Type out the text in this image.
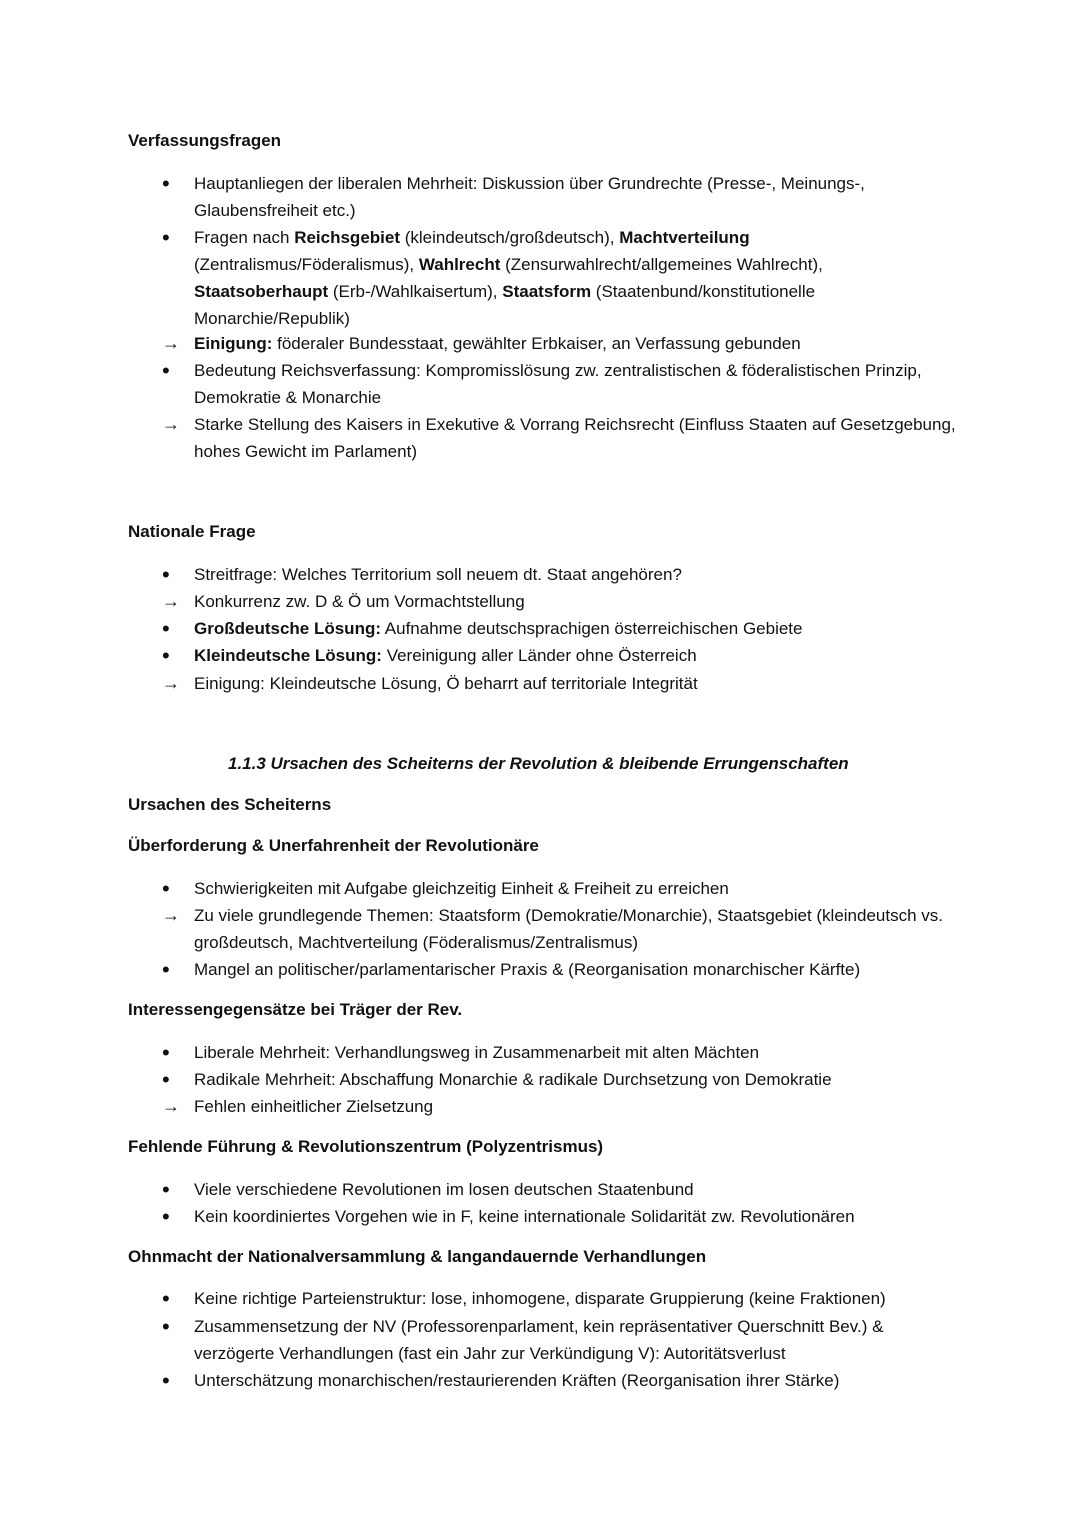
Verfassungsfragen
•	Hauptanliegen der liberalen Mehrheit: Diskussion über Grundrechte (Presse-, Meinungs-, Glaubensfreiheit etc.)
•	Fragen nach Reichsgebiet (kleindeutsch/großdeutsch), Machtverteilung (Zentralismus/Föderalismus), Wahlrecht (Zensurwahlrecht/allgemeines Wahlrecht), Staatsoberhaupt (Erb-/Wahlkaisertum), Staatsform (Staatenbund/konstitutionelle Monarchie/Republik)
→ Einigung: föderaler Bundesstaat, gewählter Erbkaiser, an Verfassung gebunden
•	Bedeutung Reichsverfassung: Kompromisslösung zw. zentralistischen & föderalistischen Prinzip, Demokratie & Monarchie
→ Starke Stellung des Kaisers in Exekutive & Vorrang Reichsrecht (Einfluss Staaten auf Gesetzgebung, hohes Gewicht im Parlament)
Nationale Frage
•	Streitfrage: Welches Territorium soll neuem dt. Staat angehören?
→ Konkurrenz zw. D & Ö um Vormachtstellung
•	Großdeutsche Lösung: Aufnahme deutschsprachigen österreichischen Gebiete
•	Kleindeutsche Lösung: Vereinigung aller Länder ohne Österreich
→ Einigung: Kleindeutsche Lösung, Ö beharrt auf territoriale Integrität
1.1.3 Ursachen des Scheiterns der Revolution & bleibende Errungenschaften
Ursachen des Scheiterns
Überforderung & Unerfahrenheit der Revolutionäre
•	Schwierigkeiten mit Aufgabe gleichzeitig Einheit & Freiheit zu erreichen
→ Zu viele grundlegende Themen: Staatsform (Demokratie/Monarchie), Staatsgebiet (kleindeutsch vs. großdeutsch, Machtverteilung (Föderalismus/Zentralismus)
•	Mangel an politischer/parlamentarischer Praxis & (Reorganisation monarchischer Kärfte)
Interessengegensätze bei Träger der Rev.
•	Liberale Mehrheit: Verhandlungsweg in Zusammenarbeit mit alten Mächten
•	Radikale Mehrheit: Abschaffung Monarchie & radikale Durchsetzung von Demokratie
→ Fehlen einheitlicher Zielsetzung
Fehlende Führung & Revolutionszentrum (Polyzentrismus)
•	Viele verschiedene Revolutionen im losen deutschen Staatenbund
•	Kein koordiniertes Vorgehen wie in F, keine internationale Solidarität zw. Revolutionären
Ohnmacht der Nationalversammlung & langandauernde Verhandlungen
•	Keine richtige Parteienstruktur: lose, inhomogene, disparate Gruppierung (keine Fraktionen)
•	Zusammensetzung der NV (Professorenparlament, kein repräsentativer Querschnitt Bev.) & verzögerte Verhandlungen (fast ein Jahr zur Verkündigung V): Autoritätsverlust
•	Unterschätzung monarchischen/restaurierenden Kräften (Reorganisation ihrer Stärke)
